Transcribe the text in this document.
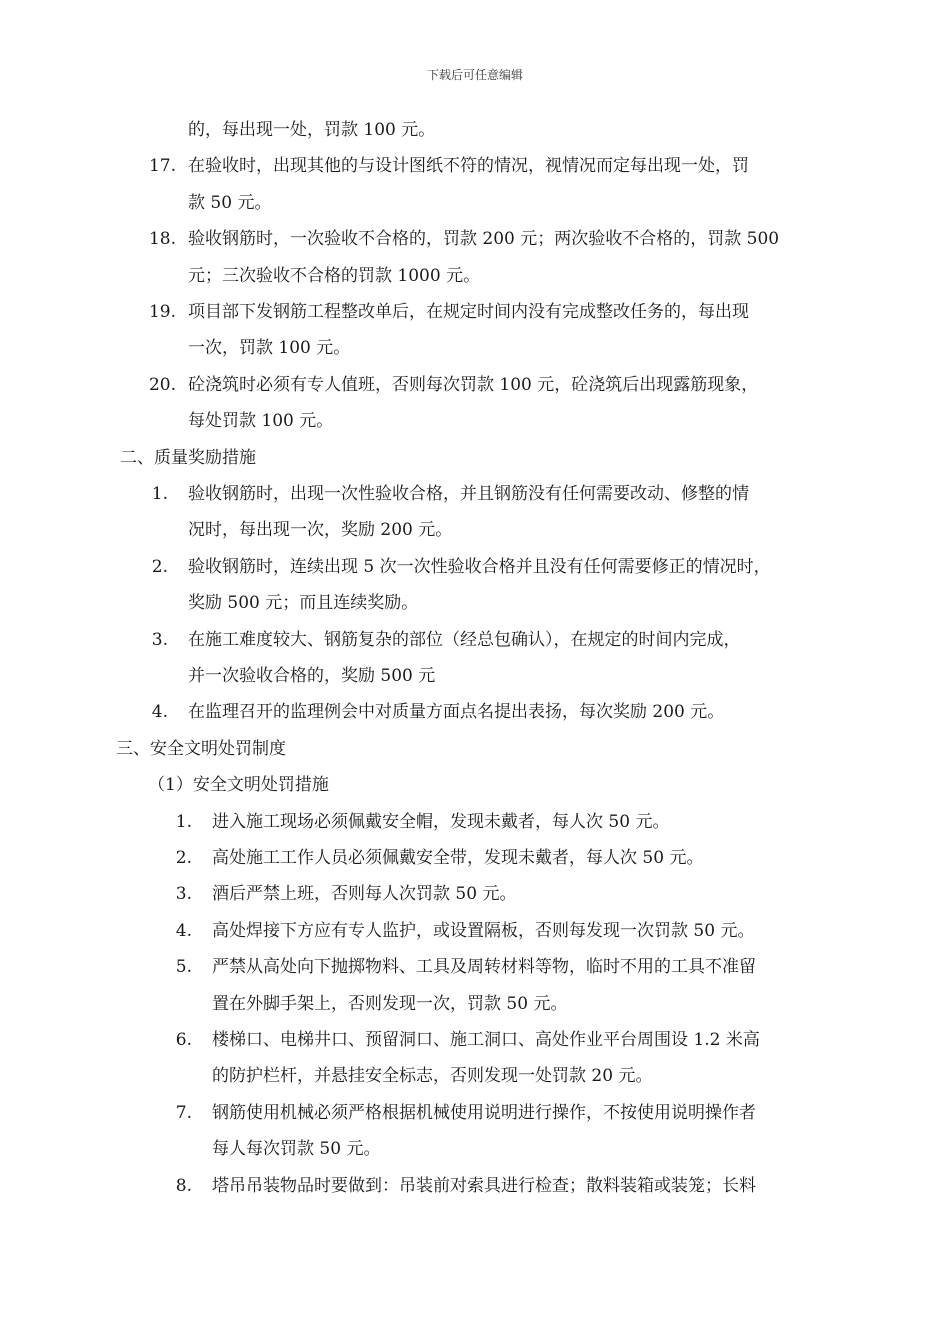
下载后可任意编辑
的，每出现一处，罚款 100 元。
17. 在验收时，出现其他的与设计图纸不符的情况，视情况而定每出现一处，罚
款 50 元。
18. 验收钢筋时，一次验收不合格的，罚款 200 元；两次验收不合格的，罚款 500
元；三次验收不合格的罚款 1000 元。
19. 项目部下发钢筋工程整改单后，在规定时间内没有完成整改任务的，每出现
一次，罚款 100 元。
20. 砼浇筑时必须有专人值班，否则每次罚款 100 元，砼浇筑后出现露筋现象，
每处罚款 100 元。
二、质量奖励措施
1. 验收钢筋时，出现一次性验收合格，并且钢筋没有任何需要改动、修整的情
况时，每出现一次，奖励 200 元。
2. 验收钢筋时，连续出现 5 次一次性验收合格并且没有任何需要修正的情况时，
奖励 500 元；而且连续奖励。
3. 在施工难度较大、钢筋复杂的部位（经总包确认），在规定的时间内完成，
并一次验收合格的，奖励 500 元
4. 在监理召开的监理例会中对质量方面点名提出表扬，每次奖励 200 元。
三、安全文明处罚制度
（1）安全文明处罚措施
1. 进入施工现场必须佩戴安全帽，发现未戴者，每人次 50 元。
2. 高处施工工作人员必须佩戴安全带，发现未戴者，每人次 50 元。
3. 酒后严禁上班，否则每人次罚款 50 元。
4. 高处焊接下方应有专人监护，或设置隔板，否则每发现一次罚款 50 元。
5. 严禁从高处向下抛掷物料、工具及周转材料等物，临时不用的工具不准留
置在外脚手架上，否则发现一次，罚款 50 元。
6. 楼梯口、电梯井口、预留洞口、施工洞口、高处作业平台周围设 1.2 米高
的防护栏杆，并悬挂安全标志，否则发现一处罚款 20 元。
7. 钢筋使用机械必须严格根据机械使用说明进行操作，不按使用说明操作者
每人每次罚款 50 元。
8. 塔吊吊装物品时要做到：吊装前对索具进行检查；散料装箱或装笼；长料
